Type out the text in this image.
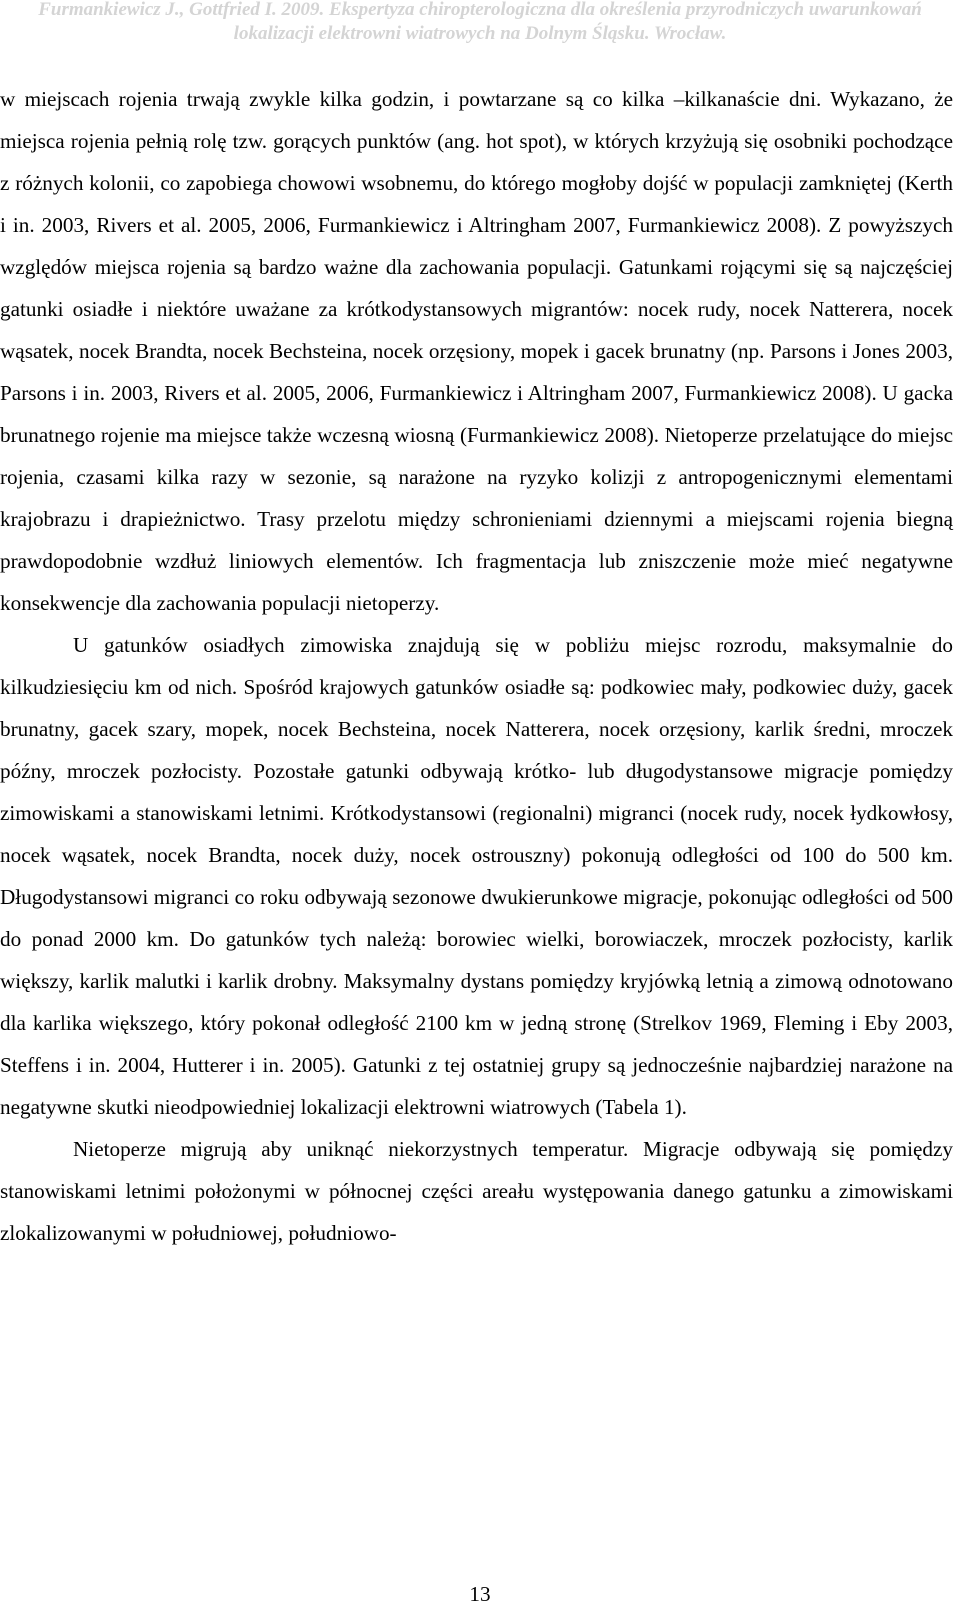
Furmankiewicz J., Gottfried I. 2009. Ekspertyza chiropterologiczna dla określenia przyrodniczych uwarunkowań
lokalizacji elektrowni wiatrowych na Dolnym Śląsku. Wrocław.

w miejscach rojenia trwają zwykle kilka godzin, i powtarzane są co kilka –kilkanaście dni. Wykazano, że miejsca rojenia pełnią rolę tzw. gorących punktów (ang. hot spot), w których krzyżują się osobniki pochodzące z różnych kolonii, co zapobiega chowowi wsobnemu, do którego mogłoby dojść w populacji zamkniętej (Kerth i in. 2003, Rivers et al. 2005, 2006, Furmankiewicz i Altringham 2007, Furmankiewicz 2008). Z powyższych względów miejsca rojenia są bardzo ważne dla zachowania populacji. Gatunkami rojącymi się są najczęściej gatunki osiadłe i niektóre uważane za krótkodystansowych migrantów: nocek rudy, nocek Natterera, nocek wąsatek, nocek Brandta, nocek Bechsteina, nocek orzęsiony, mopek i gacek brunatny (np. Parsons i Jones 2003, Parsons i in. 2003, Rivers et al. 2005, 2006, Furmankiewicz i Altringham 2007, Furmankiewicz 2008). U gacka brunatnego rojenie ma miejsce także wczesną wiosną (Furmankiewicz 2008). Nietoperze przelatujące do miejsc rojenia, czasami kilka razy w sezonie, są narażone na ryzyko kolizji z antropogenicznymi elementami krajobrazu i drapieżnictwo. Trasy przelotu między schronieniami dziennymi a miejscami rojenia biegną prawdopodobnie wzdłuż liniowych elementów. Ich fragmentacja lub zniszczenie może mieć negatywne konsekwencje dla zachowania populacji nietoperzy.

U gatunków osiadłych zimowiska znajdują się w pobliżu miejsc rozrodu, maksymalnie do kilkudziesięciu km od nich. Spośród krajowych gatunków osiadłe są: podkowiec mały, podkowiec duży, gacek brunatny, gacek szary, mopek, nocek Bechsteina, nocek Natterera, nocek orzęsiony, karlik średni, mroczek późny, mroczek pozłocisty. Pozostałe gatunki odbywają krótko- lub długodystansowe migracje pomiędzy zimowiskami a stanowiskami letnimi. Krótkodystansowi (regionalni) migranci (nocek rudy, nocek łydkowłosy, nocek wąsatek, nocek Brandta, nocek duży, nocek ostrouszny) pokonują odległości od 100 do 500 km. Długodystansowi migranci co roku odbywają sezonowe dwukierunkowe migracje, pokonując odległości od 500 do ponad 2000 km. Do gatunków tych należą: borowiec wielki, borowiaczek, mroczek pozłocisty, karlik większy, karlik malutki i karlik drobny. Maksymalny dystans pomiędzy kryjówką letnią a zimową odnotowano dla karlika większego, który pokonał odległość 2100 km w jedną stronę (Strelkov 1969, Fleming i Eby 2003, Steffens i in. 2004, Hutterer i in. 2005). Gatunki z tej ostatniej grupy są jednocześnie najbardziej narażone na negatywne skutki nieodpowiedniej lokalizacji elektrowni wiatrowych (Tabela 1).

Nietoperze migrują aby uniknąć niekorzystnych temperatur. Migracje odbywają się pomiędzy stanowiskami letnimi położonymi w północnej części areału występowania danego gatunku a zimowiskami zlokalizowanymi w południowej, południowo-

13
